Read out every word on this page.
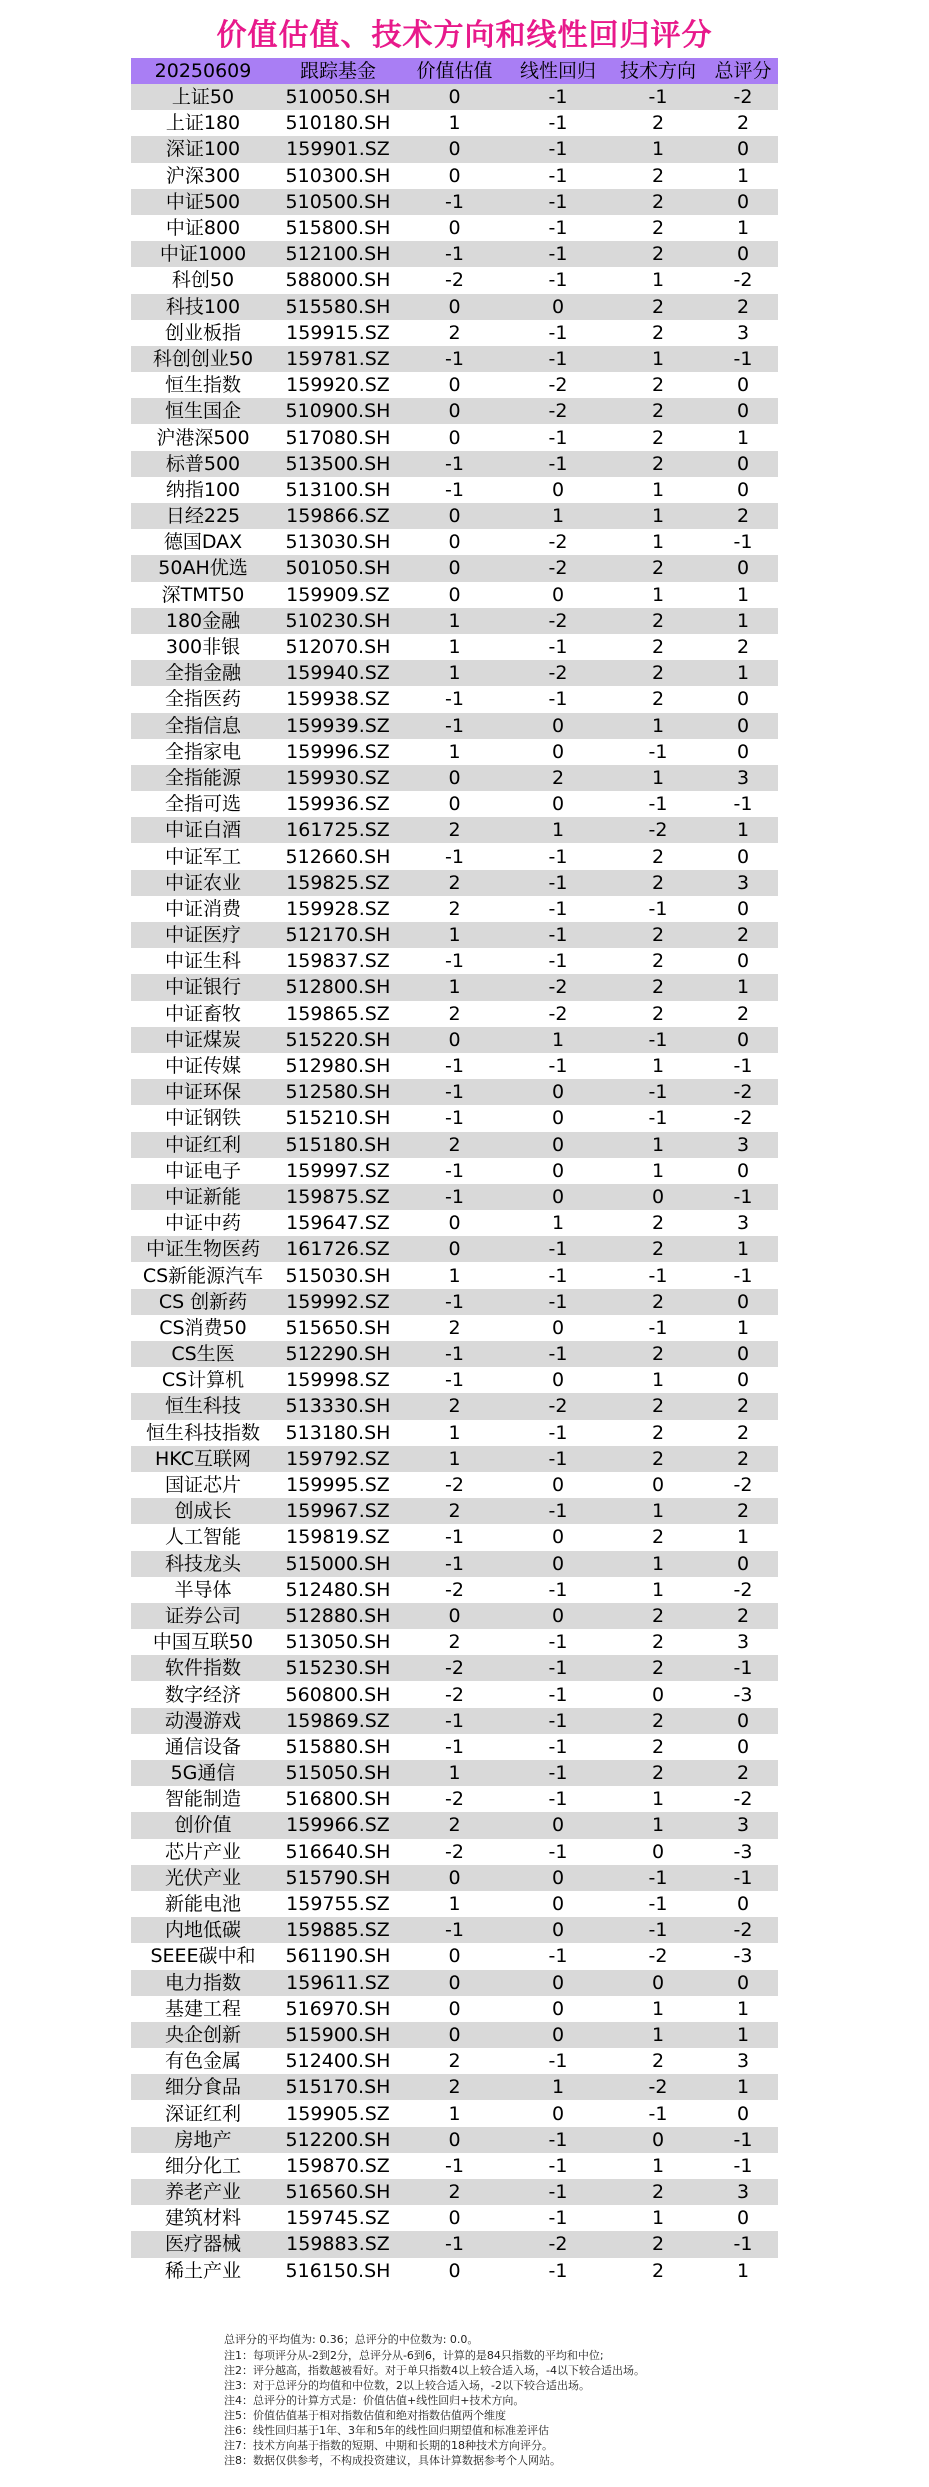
价值估值、技术方向和线性回归评分
20250609	跟踪基金	价值估值	线性回归	技术方向	总评分
上证50	510050.SH	0	-1	-1	-2
上证180	510180.SH	1	-1	2	2
深证100	159901.SZ	0	-1	1	0
沪深300	510300.SH	0	-1	2	1
中证500	510500.SH	-1	-1	2	0
中证800	515800.SH	0	-1	2	1
中证1000	512100.SH	-1	-1	2	0
科创50	588000.SH	-2	-1	1	-2
科技100	515580.SH	0	0	2	2
创业板指	159915.SZ	2	-1	2	3
科创创业50	159781.SZ	-1	-1	1	-1
恒生指数	159920.SZ	0	-2	2	0
恒生国企	510900.SH	0	-2	2	0
沪港深500	517080.SH	0	-1	2	1
标普500	513500.SH	-1	-1	2	0
纳指100	513100.SH	-1	0	1	0
日经225	159866.SZ	0	1	1	2
德国DAX	513030.SH	0	-2	1	-1
50AH优选	501050.SH	0	-2	2	0
深TMT50	159909.SZ	0	0	1	1
180金融	510230.SH	1	-2	2	1
300非银	512070.SH	1	-1	2	2
全指金融	159940.SZ	1	-2	2	1
全指医药	159938.SZ	-1	-1	2	0
全指信息	159939.SZ	-1	0	1	0
全指家电	159996.SZ	1	0	-1	0
全指能源	159930.SZ	0	2	1	3
全指可选	159936.SZ	0	0	-1	-1
中证白酒	161725.SZ	2	1	-2	1
中证军工	512660.SH	-1	-1	2	0
中证农业	159825.SZ	2	-1	2	3
中证消费	159928.SZ	2	-1	-1	0
中证医疗	512170.SH	1	-1	2	2
中证生科	159837.SZ	-1	-1	2	0
中证银行	512800.SH	1	-2	2	1
中证畜牧	159865.SZ	2	-2	2	2
中证煤炭	515220.SH	0	1	-1	0
中证传媒	512980.SH	-1	-1	1	-1
中证环保	512580.SH	-1	0	-1	-2
中证钢铁	515210.SH	-1	0	-1	-2
中证红利	515180.SH	2	0	1	3
中证电子	159997.SZ	-1	0	1	0
中证新能	159875.SZ	-1	0	0	-1
中证中药	159647.SZ	0	1	2	3
中证生物医药	161726.SZ	0	-1	2	1
CS新能源汽车	515030.SH	1	-1	-1	-1
CS 创新药	159992.SZ	-1	-1	2	0
CS消费50	515650.SH	2	0	-1	1
CS生医	512290.SH	-1	-1	2	0
CS计算机	159998.SZ	-1	0	1	0
恒生科技	513330.SH	2	-2	2	2
恒生科技指数	513180.SH	1	-1	2	2
HKC互联网	159792.SZ	1	-1	2	2
国证芯片	159995.SZ	-2	0	0	-2
创成长	159967.SZ	2	-1	1	2
人工智能	159819.SZ	-1	0	2	1
科技龙头	515000.SH	-1	0	1	0
半导体	512480.SH	-2	-1	1	-2
证券公司	512880.SH	0	0	2	2
中国互联50	513050.SH	2	-1	2	3
软件指数	515230.SH	-2	-1	2	-1
数字经济	560800.SH	-2	-1	0	-3
动漫游戏	159869.SZ	-1	-1	2	0
通信设备	515880.SH	-1	-1	2	0
5G通信	515050.SH	1	-1	2	2
智能制造	516800.SH	-2	-1	1	-2
创价值	159966.SZ	2	0	1	3
芯片产业	516640.SH	-2	-1	0	-3
光伏产业	515790.SH	0	0	-1	-1
新能电池	159755.SZ	1	0	-1	0
内地低碳	159885.SZ	-1	0	-1	-2
SEEE碳中和	561190.SH	0	-1	-2	-3
电力指数	159611.SZ	0	0	0	0
基建工程	516970.SH	0	0	1	1
央企创新	515900.SH	0	0	1	1
有色金属	512400.SH	2	-1	2	3
细分食品	515170.SH	2	1	-2	1
深证红利	159905.SZ	1	0	-1	0
房地产	512200.SH	0	-1	0	-1
细分化工	159870.SZ	-1	-1	1	-1
养老产业	516560.SH	2	-1	2	3
建筑材料	159745.SZ	0	-1	1	0
医疗器械	159883.SZ	-1	-2	2	-1
稀土产业	516150.SH	0	-1	2	1
总评分的平均值为: 0.36；总评分的中位数为: 0.0。
注1：每项评分从-2到2分，总评分从-6到6，计算的是84只指数的平均和中位;
注2：评分越高，指数越被看好。对于单只指数4以上较合适入场，-4以下较合适出场。
注3：对于总评分的均值和中位数，2以上较合适入场，-2以下较合适出场。
注4：总评分的计算方式是：价值估值+线性回归+技术方向。
注5：价值估值基于相对指数估值和绝对指数估值两个维度
注6：线性回归基于1年、3年和5年的线性回归期望值和标准差评估
注7：技术方向基于指数的短期、中期和长期的18种技术方向评分。
注8：数据仅供参考，不构成投资建议，具体计算数据参考个人网站。
